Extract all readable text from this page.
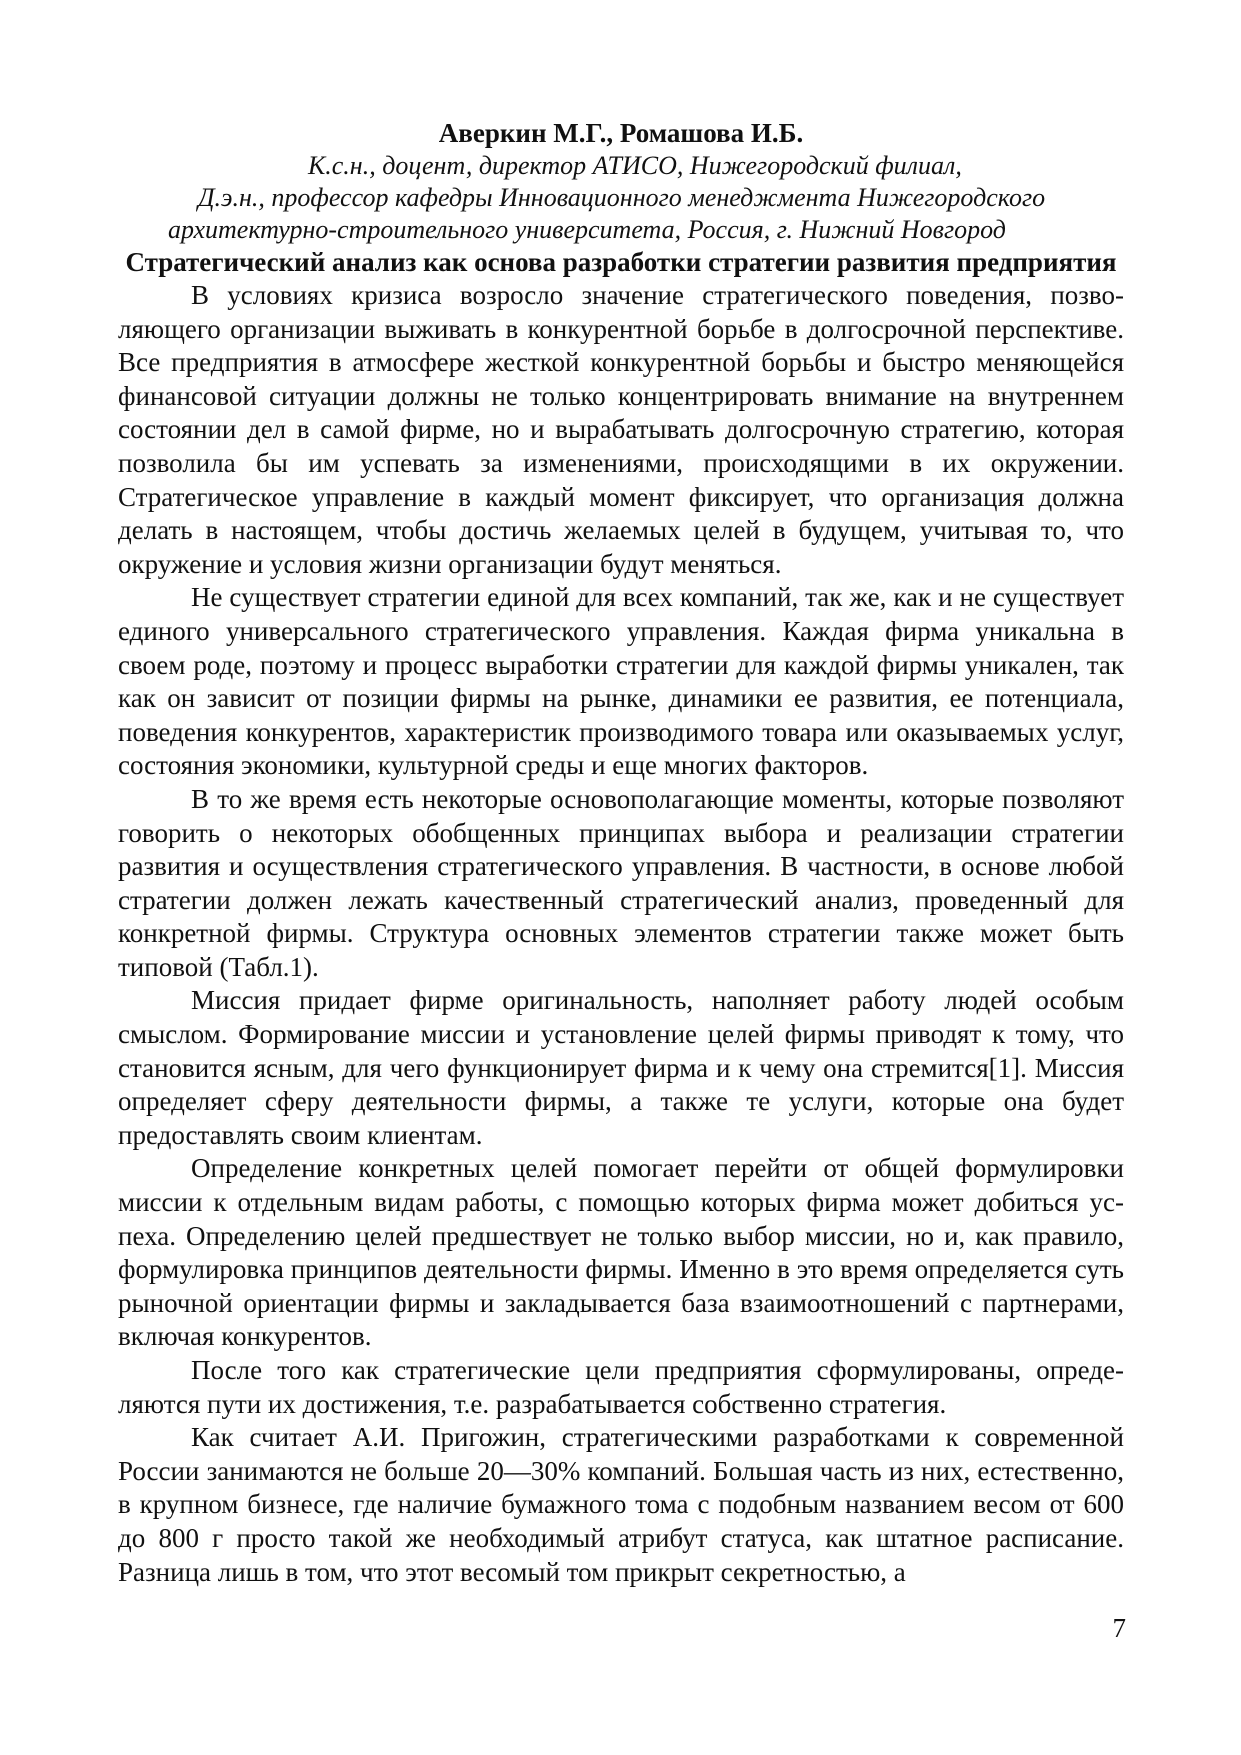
Аверкин М.Г., Ромашова И.Б.

К.с.н., доцент, директор АТИСО, Нижегородский филиал,

Д.э.н., профессор кафедры Инновационного менеджмента Нижегородского

архитектурно-строительного университета, Россия, г. Нижний Новгород

Стратегический анализ как основа разработки стратегии развития предприятия

В условиях кризиса возросло значение стратегического поведения, позволяющего организации выживать в конкурентной борьбе в долгосрочной перспективе. Все предприятия в атмосфере жесткой конкурентной борьбы и быстро меняющейся финансовой ситуации должны не только концентрировать внимание на внутреннем состоянии дел в самой фирме, но и вырабатывать долгосрочную стратегию, которая позволила бы им успевать за изменениями, происходящими в их окружении. Стратегическое управление в каждый момент фиксирует, что организация должна делать в настоящем, чтобы достичь желаемых целей в будущем, учитывая то, что окружение и условия жизни организации будут меняться.

Не существует стратегии единой для всех компаний, так же, как и не существует единого универсального стратегического управления. Каждая фирма уникальна в своем роде, поэтому и процесс выработки стратегии для каждой фирмы уникален, так как он зависит от позиции фирмы на рынке, динамики ее развития, ее потенциала, поведения конкурентов, характеристик производимого товара или оказываемых услуг, состояния экономики, культурной среды и еще многих факторов.

В то же время есть некоторые основополагающие моменты, которые позволяют говорить о некоторых обобщенных принципах выбора и реализации стратегии развития и осуществления стратегического управления. В частности, в основе любой стратегии должен лежать качественный стратегический анализ, проведенный для конкретной фирмы. Структура основных элементов стратегии также может быть типовой (Табл.1).

Миссия придает фирме оригинальность, наполняет работу людей особым смыслом. Формирование миссии и установление целей фирмы приводят к тому, что становится ясным, для чего функционирует фирма и к чему она стремится[1]. Миссия определяет сферу деятельности фирмы, а также те услуги, которые она будет предоставлять своим клиентам.

Определение конкретных целей помогает перейти от общей формулировки миссии к отдельным видам работы, с помощью которых фирма может добиться успеха. Определению целей предшествует не только выбор миссии, но и, как правило, формулировка принципов деятельности фирмы. Именно в это время определяется суть рыночной ориентации фирмы и закладывается база взаимоотношений с партнерами, включая конкурентов.

После того как стратегические цели предприятия сформулированы, определяются пути их достижения, т.е. разрабатывается собственно стратегия.

Как считает А.И. Пригожин, стратегическими разработками к современной России занимаются не больше 20—30% компаний. Большая часть из них, естественно, в крупном бизнесе, где наличие бумажного тома с подобным названием весом от 600 до 800 г просто такой же необходимый атрибут статуса, как штатное расписание. Разница лишь в том, что этот весомый том прикрыт секретностью, а

7
